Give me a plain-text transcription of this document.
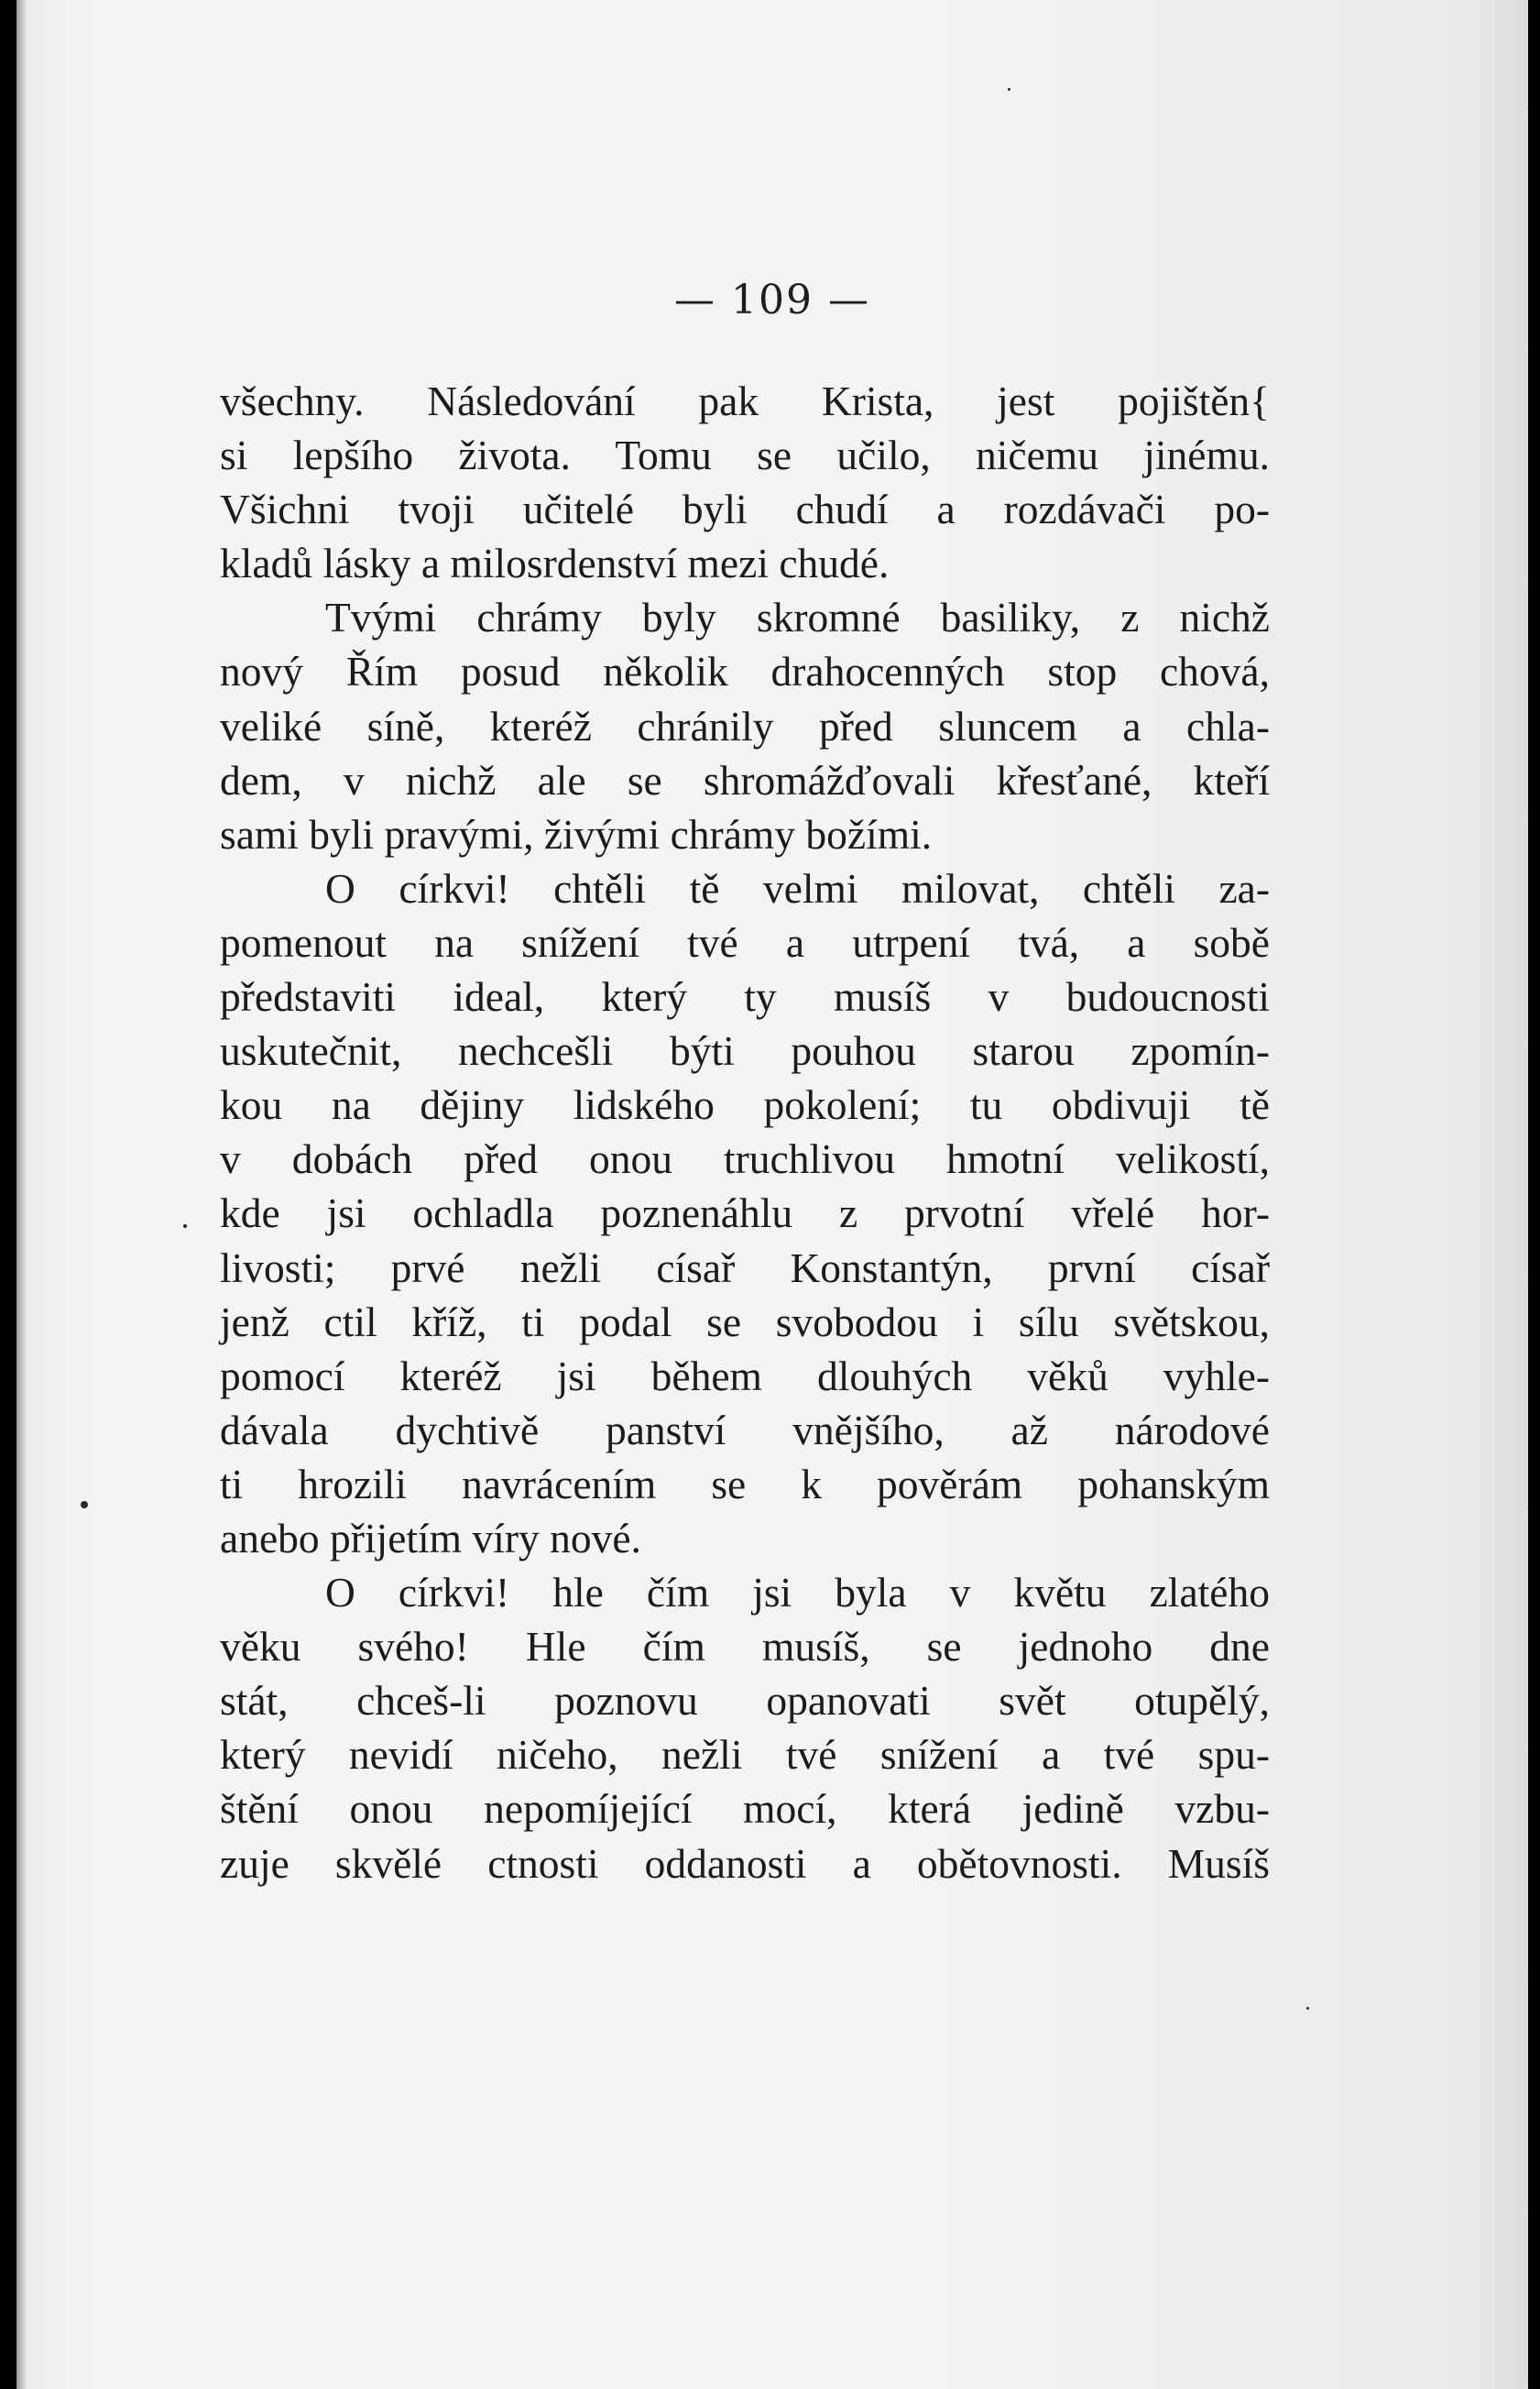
— 109 —
všechny. Následování pak Krista, jest pojištěn{
si lepšího života. Tomu se učilo, ničemu jinému.
Všichni tvoji učitelé byli chudí a rozdávači po-
kladů lásky a milosrdenství mezi chudé.
Tvými chrámy byly skromné basiliky, z nichž
nový Řím posud několik drahocenných stop chová,
veliké síně, kteréž chránily před sluncem a chla-
dem, v nichž ale se shromážďovali křesťané, kteří
sami byli pravými, živými chrámy božími.
O církvi! chtěli tě velmi milovat, chtěli za-
pomenout na snížení tvé a utrpení tvá, a sobě
představiti ideal, který ty musíš v budoucnosti
uskutečnit, nechcešli býti pouhou starou zpomín-
kou na dějiny lidského pokolení; tu obdivuji tě
v dobách před onou truchlivou hmotní velikostí,
kde jsi ochladla poznenáhlu z prvotní vřelé hor-
livosti; prvé nežli císař Konstantýn, první císař
jenž ctil kříž, ti podal se svobodou i sílu světskou,
pomocí kteréž jsi během dlouhých věků vyhle-
dávala dychtivě panství vnějšího, až národové
ti hrozili navrácením se k pověrám pohanským
anebo přijetím víry nové.
O církvi! hle čím jsi byla v květu zlatého
věku svého! Hle čím musíš, se jednoho dne
stát, chceš-li poznovu opanovati svět otupělý,
který nevidí ničeho, nežli tvé snížení a tvé spu-
štění onou nepomíjející mocí, která jedině vzbu-
zuje skvělé ctnosti oddanosti a obětovnosti. Musíš
